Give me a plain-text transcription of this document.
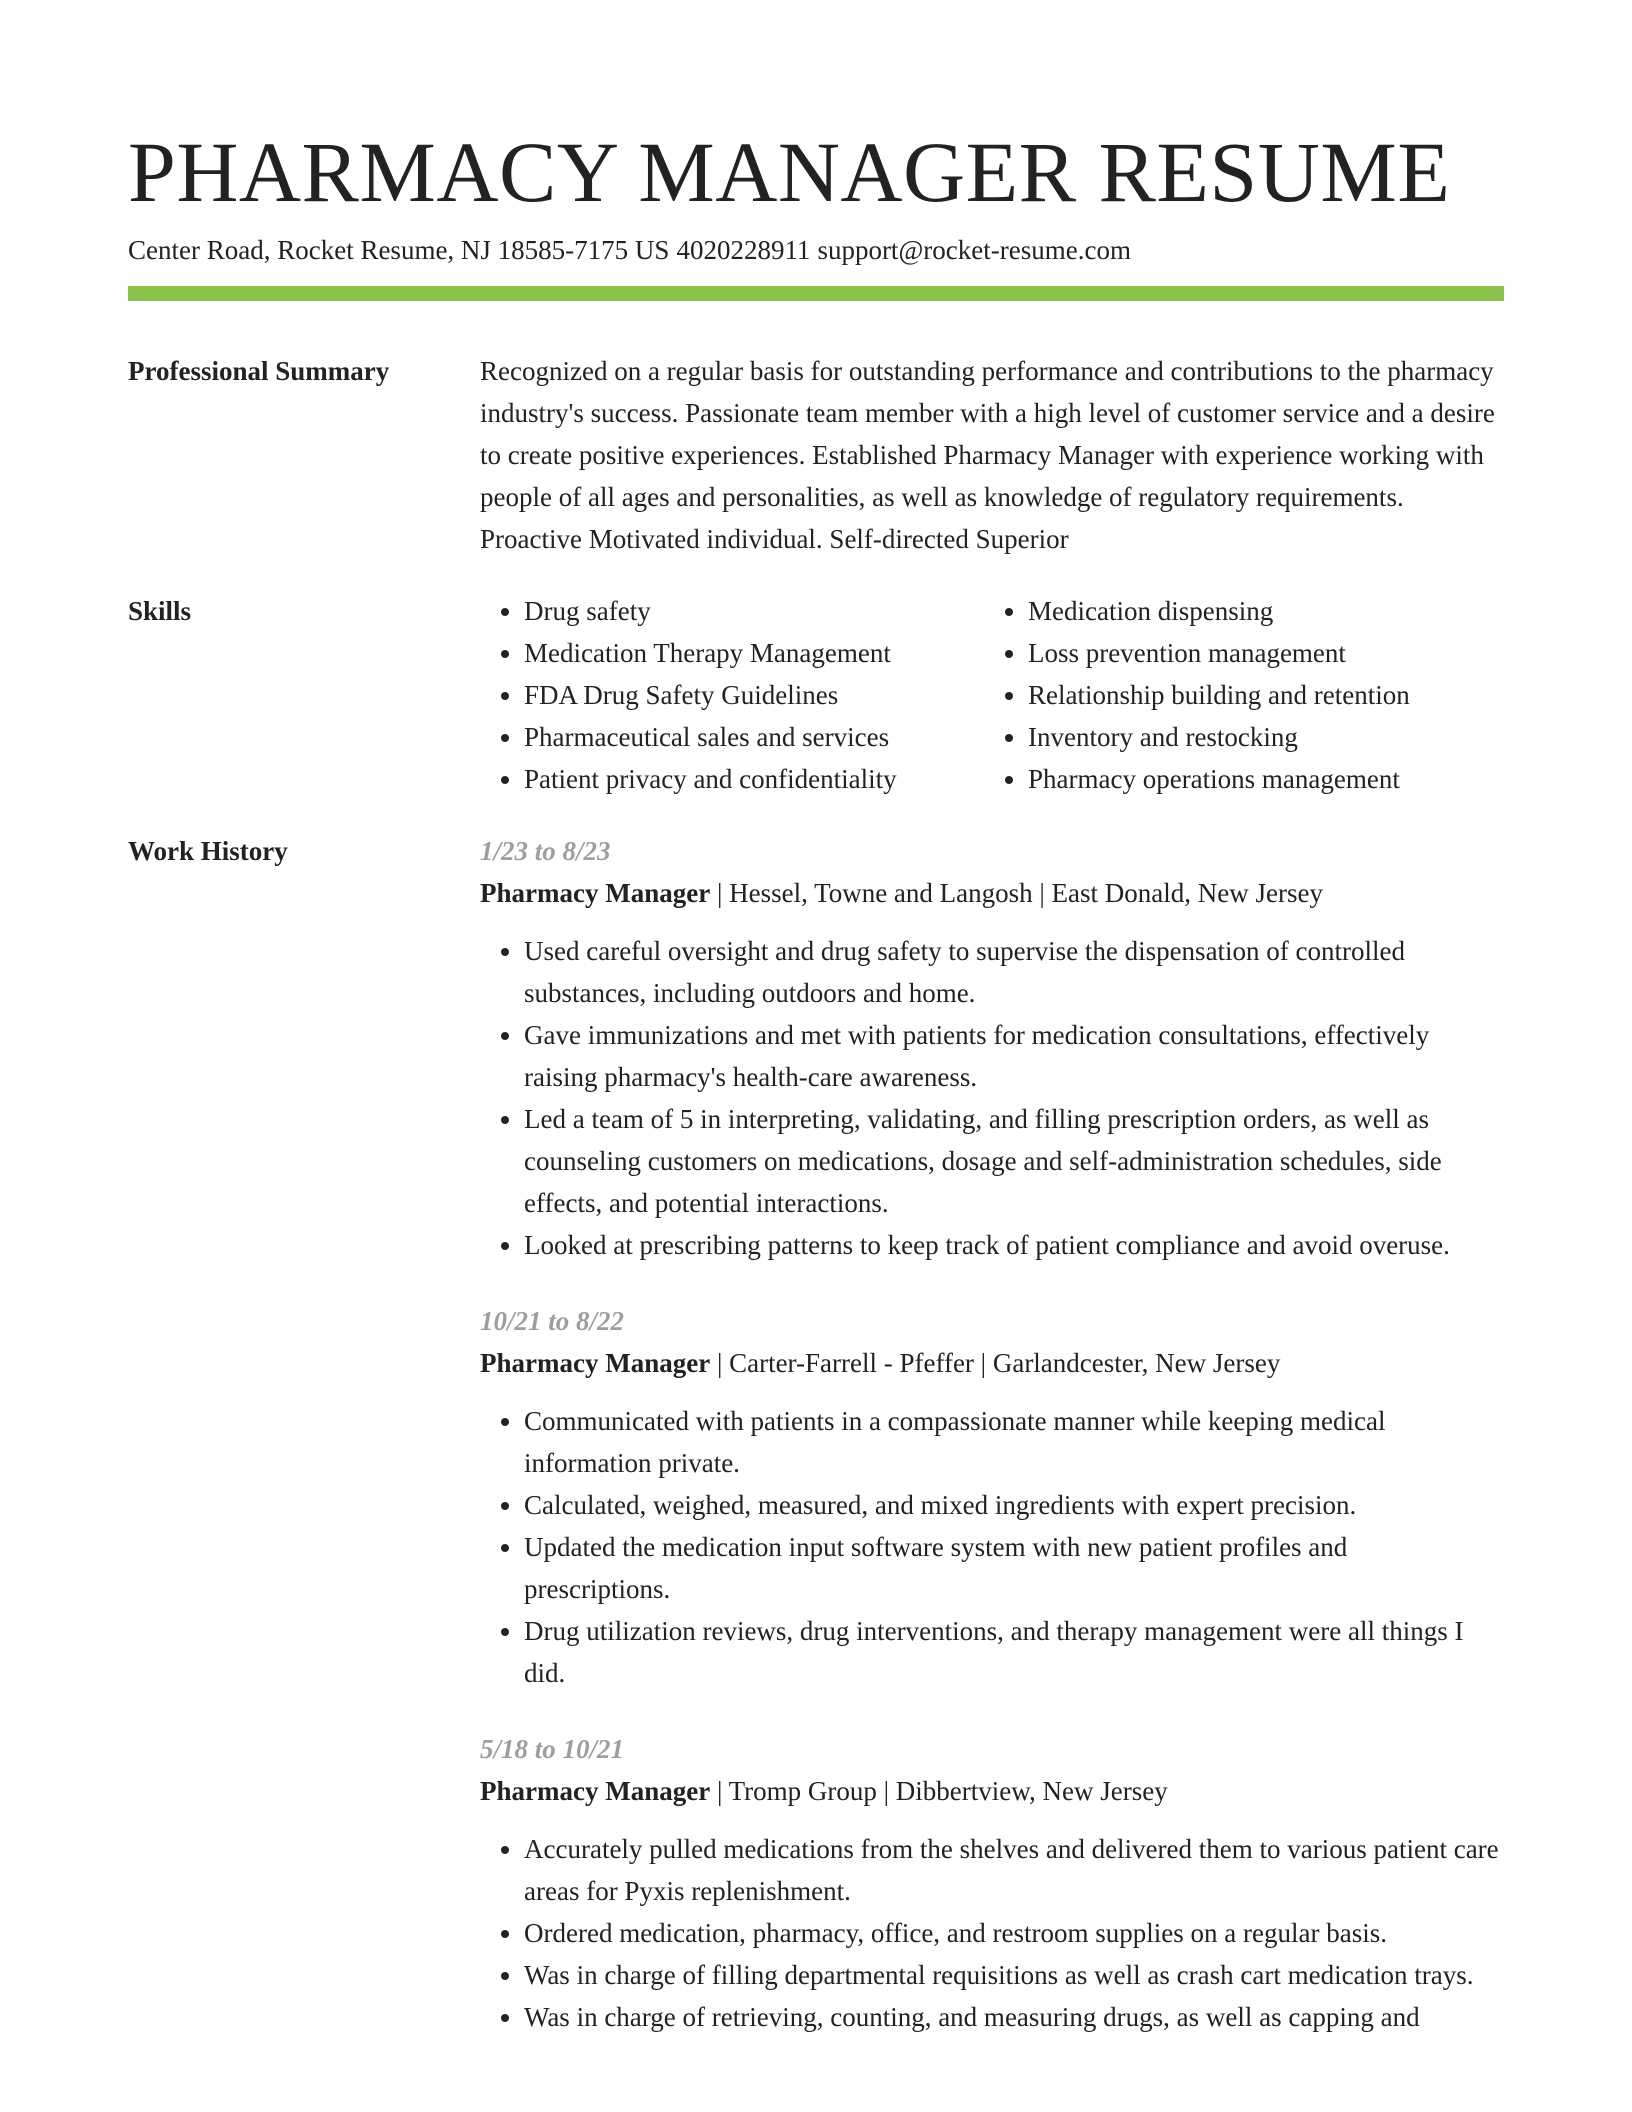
PHARMACY MANAGER RESUME
Center Road, Rocket Resume, NJ 18585-7175 US 4020228911 support@rocket-resume.com
Professional Summary	Recognized on a regular basis for outstanding performance and contributions to the pharmacy industry's success. Passionate team member with a high level of customer service and a desire to create positive experiences. Established Pharmacy Manager with experience working with people of all ages and personalities, as well as knowledge of regulatory requirements. Proactive Motivated individual. Self-directed Superior

Skills
•	Drug safety
• Medication Therapy Management
• FDA Drug Safety Guidelines
• Pharmaceutical sales and services
• Patient privacy and confidentiality
• Medication dispensing
• Loss prevention management
• Relationship building and retention
• Inventory and restocking
• Pharmacy operations management
Work History	1/23 to 8/23
Pharmacy Manager | Hessel, Towne and Langosh | East Donald, New Jersey
• Used careful oversight and drug safety to supervise the dispensation of controlled substances, including outdoors and home.
• Gave immunizations and met with patients for medication consultations, effectively raising pharmacy's health-care awareness.
• Led a team of 5 in interpreting, validating, and filling prescription orders, as well as counseling customers on medications, dosage and self-administration schedules, side effects, and potential interactions.
• Looked at prescribing patterns to keep track of patient compliance and avoid overuse.
10/21 to 8/22
Pharmacy Manager | Carter-Farrell - Pfeffer | Garlandcester, New Jersey
• Communicated with patients in a compassionate manner while keeping medical information private.
• Calculated, weighed, measured, and mixed ingredients with expert precision.
• Updated the medication input software system with new patient profiles and prescriptions.
• Drug utilization reviews, drug interventions, and therapy management were all things I did.
5/18 to 10/21
Pharmacy Manager | Tromp Group | Dibbertview, New Jersey
• Accurately pulled medications from the shelves and delivered them to various patient care areas for Pyxis replenishment.
• Ordered medication, pharmacy, office, and restroom supplies on a regular basis.
• Was in charge of filling departmental requisitions as well as crash cart medication trays.
• Was in charge of retrieving, counting, and measuring drugs, as well as capping and
